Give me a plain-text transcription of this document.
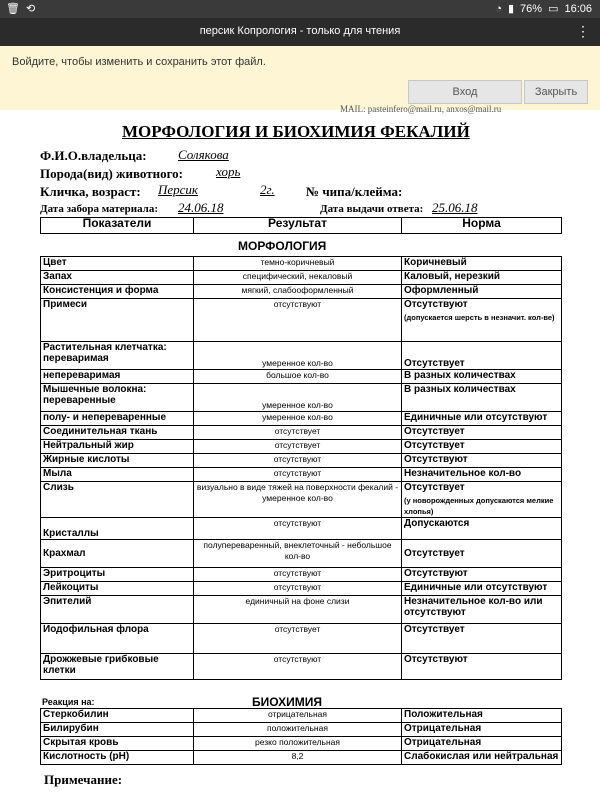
🗑 ⟲	◔ ▮ 76% ▭ 16:06
персик Копрология - только для чтения	⋮
Войдите, чтобы изменить и сохранить этот файл.
Вход	Закрыть
MAIL: pasteinfero@mail.ru, anxos@mail.ru
МОРФОЛОГИЯ И БИОХИМИЯ ФЕКАЛИЙ
Ф.И.О.владельца: Солякова
Порода(вид) животного:	хорь
Кличка, возраст: Персик	2г. № чипа/клейма:
Дата забора материала: 24.06.18	Дата выдачи ответа: 25.06.18
Показатели	Результат	Норма
МОРФОЛОГИЯ
Цвет	темно-коричневый	Коричневый
Запах	специфический, некаловый	Каловый, нерезкий
Консистенция и форма	мягкий, слабооформленный	Оформленный
Примеси	отсутствуют	Отсутствуют
(допускается шерсть в незначит. кол-ве)

Растительная клетчатка: переваримая	умеренное кол-во	Отсутствует
непереваримая	большое кол-во	В разных количествах
Мышечные волокна: переваренные	умеренное кол-во	В разных количествах
полу- и непереваренные	умеренное кол-во	Единичные или отсутствуют
Соединительная ткань	отсутствует	Отсутствует
Нейтральный жир	отсутствует	Отсутствует
Жирные кислоты	отсутствуют	Отсутствуют
Мыла	отсутствуют	Незначительное кол-во
Слизь	визуально в виде тяжей на поверхности фекалий - умеренное кол-во	Отсутствует
(у новорожденных допускаются мелкие хлопья)

Кристаллы	отсутствуют	Допускаются
Крахмал	полупереваренный, внеклеточный - небольшое кол-во	Отсутствует
Эритроциты	отсутствуют	Отсутствуют
Лейкоциты	отсутствуют	Единичные или отсутствуют
Эпителий	единичный на фоне слизи	Незначительное кол-во или отсутствуют
Иодофильная флора	отсутствует	Отсутствует
Дрожжевые грибковые клетки	отсутствуют	Отсутствуют
Реакция на:	БИОХИМИЯ
Стеркобилин	отрицательная	Положительная
Билирубин	положительная	Отрицательная
Скрытая кровь	резко положительная	Отрицательная
Кислотность (рН)	8,2	Слабокислая или нейтральная
Примечание:
